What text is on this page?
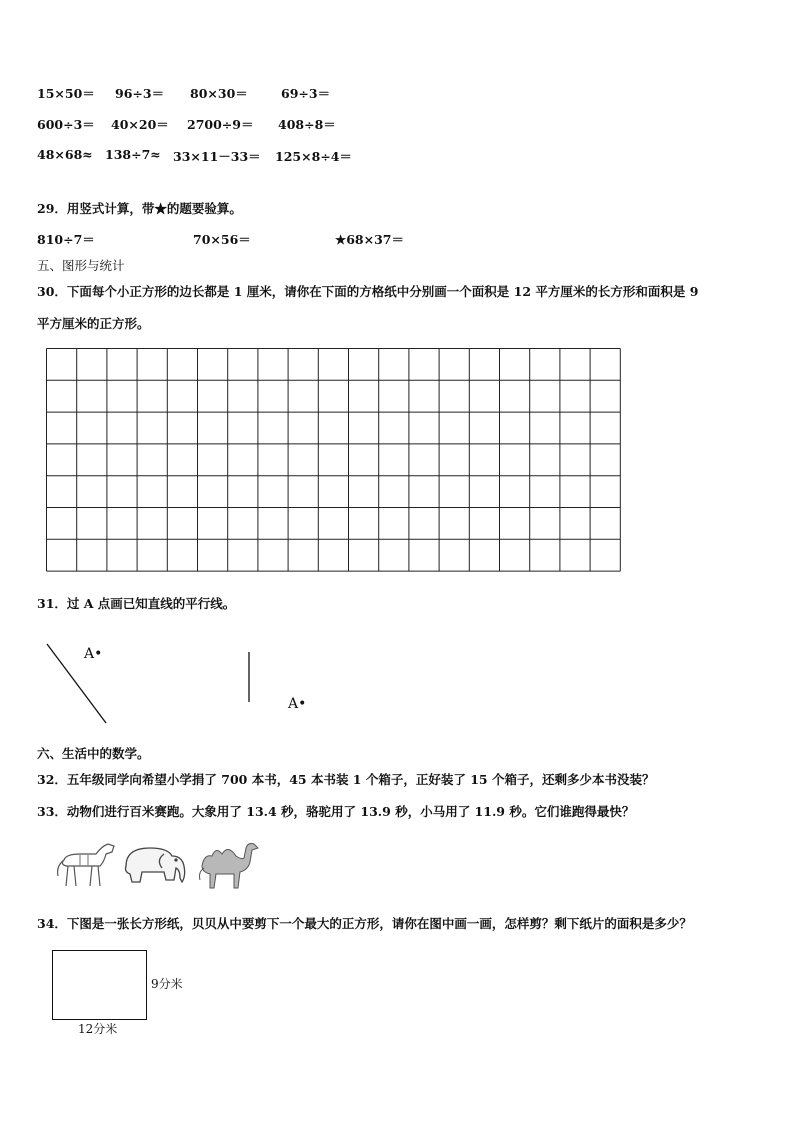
15×50＝ 96÷3＝ 80×30＝	69÷3＝
600÷3＝ 40×20＝ 2700÷9＝ 408÷8＝
48×68≈ 138÷7≈ 33×11－33＝ 125×8÷4＝
29．用竖式计算，带★的题要验算。
810÷7＝	70×56＝	★68×37＝
五、图形与统计
30．下面每个小正方形的边长都是 1 厘米，请你在下面的方格纸中分别画一个面积是 12 平方厘米的长方形和面积是 9
平方厘米的正方形。
31．过 A 点画已知直线的平行线。
A•
A•
六、生活中的数学。
32．五年级同学向希望小学捐了 700 本书，45 本书装 1 个箱子，正好装了 15 个箱子，还剩多少本书没装？
33．动物们进行百米赛跑。大象用了 13.4 秒，骆驼用了 13.9 秒，小马用了 11.9 秒。它们谁跑得最快？
34．下图是一张长方形纸，贝贝从中要剪下一个最大的正方形，请你在图中画一画，怎样剪？剩下纸片的面积是多少？
9分米
12分米
